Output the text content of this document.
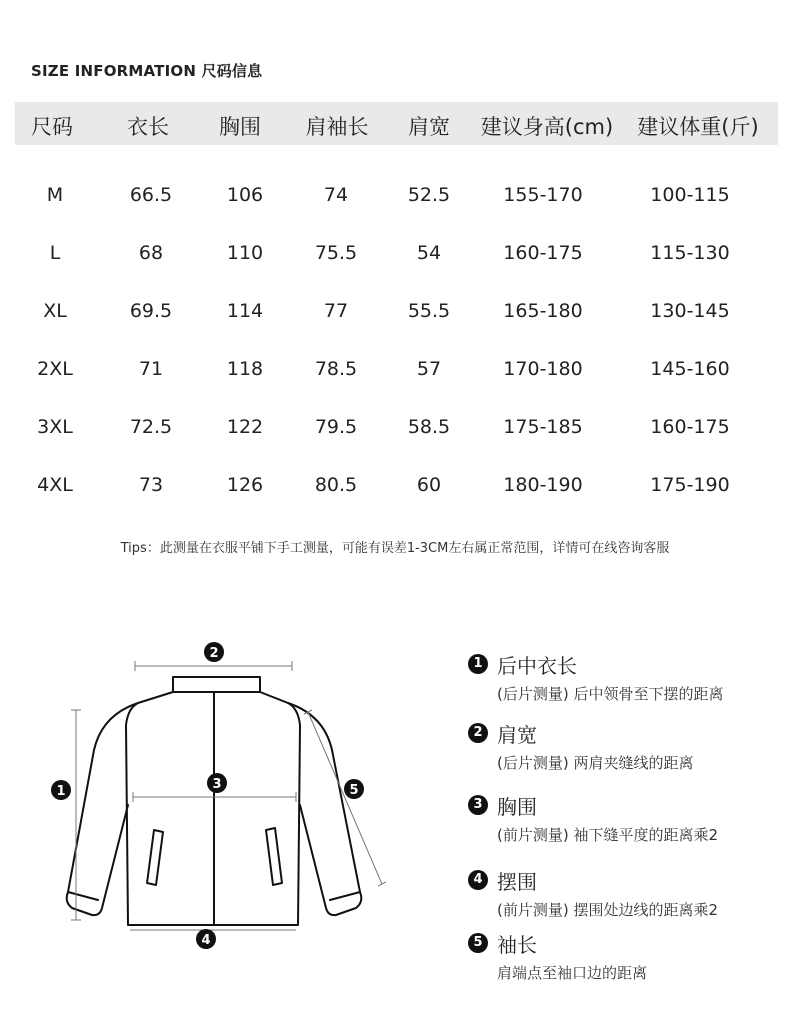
SIZE INFORMATION 尺码信息
尺码	衣长 胸围 肩袖长 肩宽 建议身高(cm) 建议体重(斤)
M	66.5	106	74	52.5	155-170	100-115
L	68	110	75.5	54	160-175	115-130
XL	69.5	114	77	55.5	165-180	130-145
2XL	71	118	78.5	57	170-180	145-160
3XL	72.5	122	79.5	58.5	175-185	160-175
4XL	73	126	80.5	60	180-190	175-190
Tips：此测量在衣服平铺下手工测量，可能有误差1-3CM左右属正常范围，详情可在线咨询客服
2
1	3	5
4
1 后中衣长
(后片测量) 后中领骨至下摆的距离
2 肩宽
(后片测量) 两肩夹缝线的距离
3 胸围
(前片测量) 袖下缝平度的距离乘2
4 摆围
(前片测量) 摆围处边线的距离乘2
5 袖长
肩端点至袖口边的距离
